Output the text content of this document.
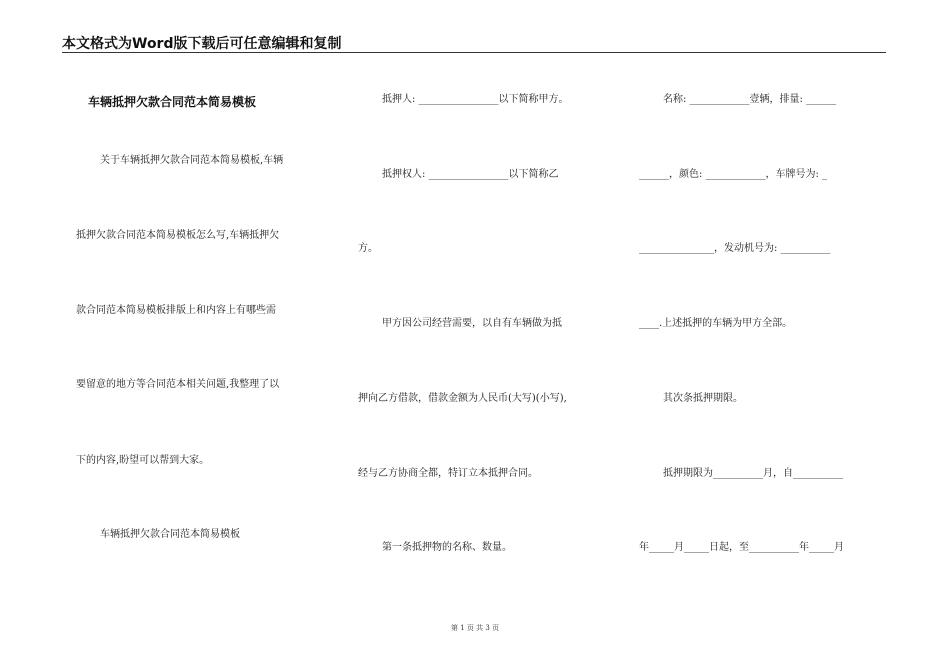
本文格式为Word版下载后可任意编辑和复制
车辆抵押欠款合同范本简易模板
关于车辆抵押欠款合同范本简易模板,车辆
抵押欠款合同范本简易模板怎么写,车辆抵押欠
款合同范本简易模板排版上和内容上有哪些需
要留意的地方等合同范本相关问题,我整理了以
下的内容,盼望可以帮到大家。
车辆抵押欠款合同范本简易模板
抵押人: ________________以下简称甲方。
抵押权人: ________________以下简称乙
方。
甲方因公司经营需要，以自有车辆做为抵
押向乙方借款，借款金额为人民币(大写)(小写),
经与乙方协商全都，特订立本抵押合同。
第一条抵押物的名称、数量。
名称: ____________壹辆，排量: ______
______，颜色: ____________，车牌号为: _
_______________，发动机号为: __________
____.上述抵押的车辆为甲方全部。
其次条抵押期限。
抵押期限为__________月，自__________
年_____月_____日起，至__________年_____月
第 1 页 共 3 页
